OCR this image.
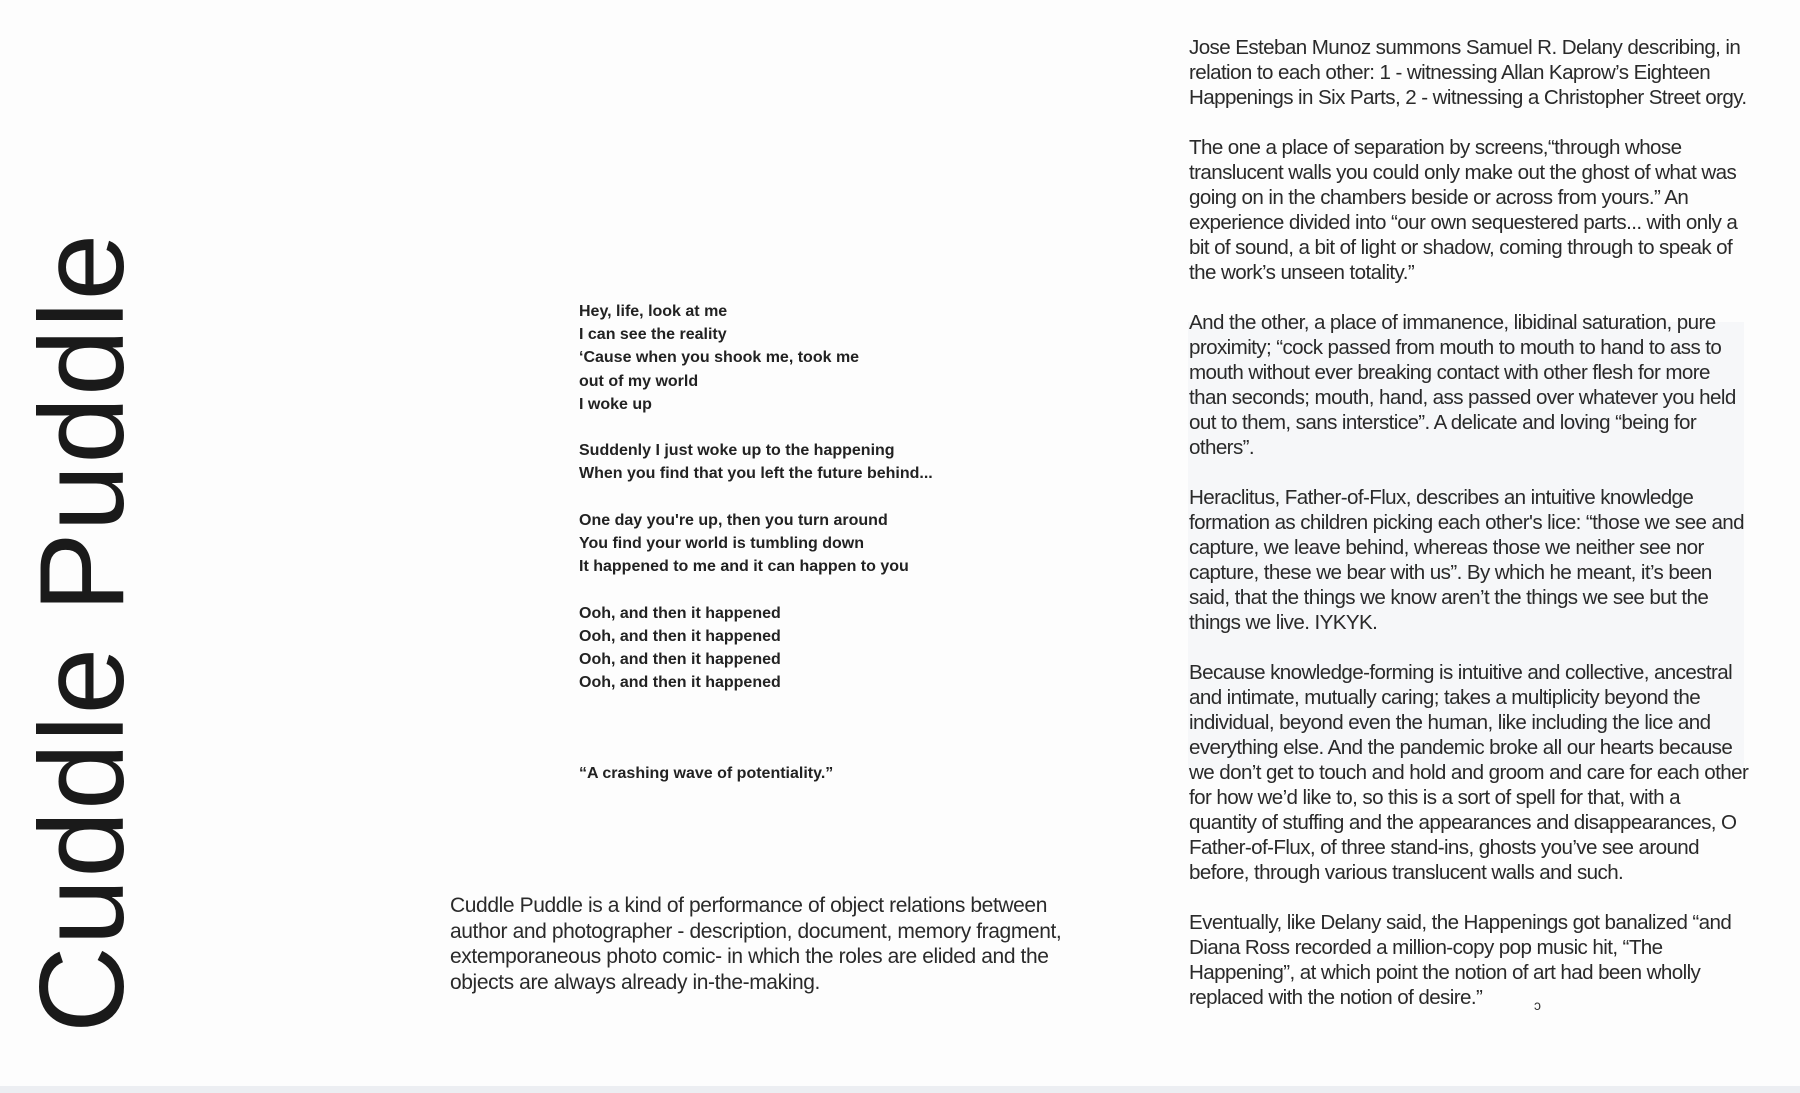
Cuddle Puddle	Hey, life, look at me
I can see the reality
‘Cause when you shook me, took me
out of my world
I woke up
Suddenly I just woke up to the happening
When you find that you left the future behind...
One day you're up, then you turn around
You find your world is tumbling down
It happened to me and it can happen to you
Ooh, and then it happened
Ooh, and then it happened
Ooh, and then it happened
Ooh, and then it happened
“A crashing wave of potentiality.”
Cuddle Puddle is a kind of performance of object relations between author and photographer - description, document, memory fragment, extemporaneous photo comic- in which the roles are elided and the objects are always already in-the-making.

Jose Esteban Munoz summons Samuel R. Delany describing, in relation to each other: 1 - witnessing Allan Kaprow’s Eighteen Happenings in Six Parts, 2 - witnessing a Christopher Street orgy.

The one a place of separation by screens,“through whose translucent walls you could only make out the ghost of what was going on in the chambers beside or across from yours.” An experience divided into “our own sequestered parts... with only a bit of sound, a bit of light or shadow, coming through to speak of the work’s unseen totality.”

And the other, a place of immanence, libidinal saturation, pure proximity; “cock passed from mouth to mouth to hand to ass to mouth without ever breaking contact with other flesh for more than seconds; mouth, hand, ass passed over whatever you held out to them, sans interstice”. A delicate and loving “being for others”.

Heraclitus, Father-of-Flux, describes an intuitive knowledge formation as children picking each other's lice: “those we see and capture, we leave behind, whereas those we neither see nor capture, these we bear with us”. By which he meant, it’s been said, that the things we know aren’t the things we see but the things we live. IYKYK.

Because knowledge-forming is intuitive and collective, ancestral and intimate, mutually caring; takes a multiplicity beyond the individual, beyond even the human, like including the lice and everything else. And the pandemic broke all our hearts because we don’t get to touch and hold and groom and care for each other for how we’d like to, so this is a sort of spell for that, with a quantity of stuffing and the appearances and disappearances, O Father-of-Flux, of three stand-ins, ghosts you’ve see around before, through various translucent walls and such.

Eventually, like Delany said, the Happenings got banalized “and Diana Ross recorded a million-copy pop music hit, “The Happening”, at which point the notion of art had been wholly replaced with the notion of desire.”	ↄ
